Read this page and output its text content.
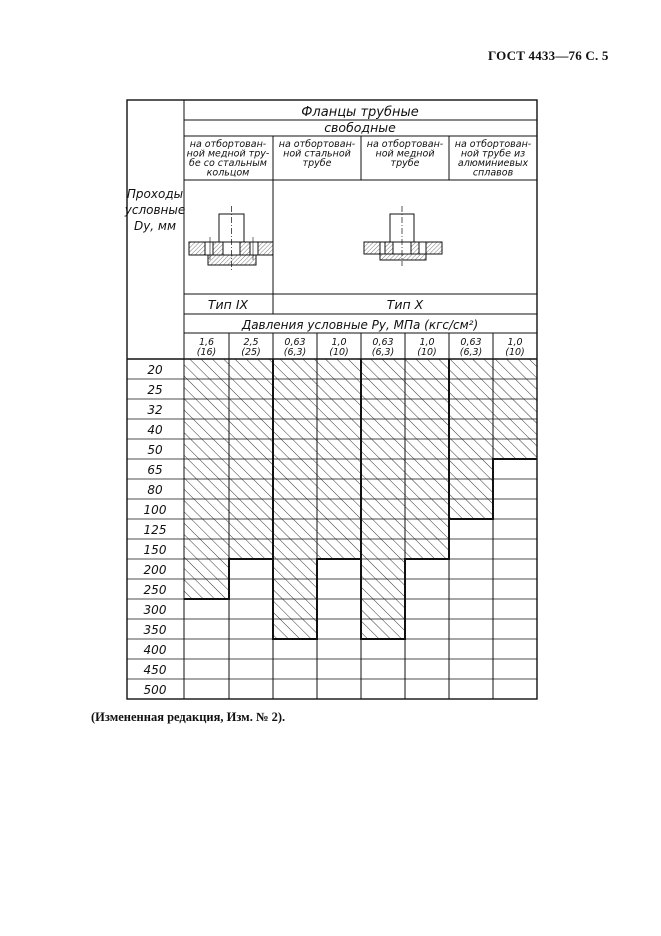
ГОСТ 4433—76 С. 5
Проходы
условные
Dу, мм
Фланцы трубные
свободные
на отбортован-
ной медной тру-
бе со стальным
кольцом
на отбортован-
ной стальной
трубе
на отбортован-
ной медной
трубе
на отбортован-
ной трубе из
алюминиевых
сплавов
Тип IX	Тип X
Давления условные Pу, МПа (кгс/см²)
1,6
(16)
2,5
(25)
0,63
(6,3)
1,0
(10)
0,63
(6,3)
1,0
(10)
0,63
(6,3)
1,0
(10)
20
25
32
40
50
65
80
100
125
150
200
250
300
350
400
450
500
(Измененная редакция, Изм. № 2).
